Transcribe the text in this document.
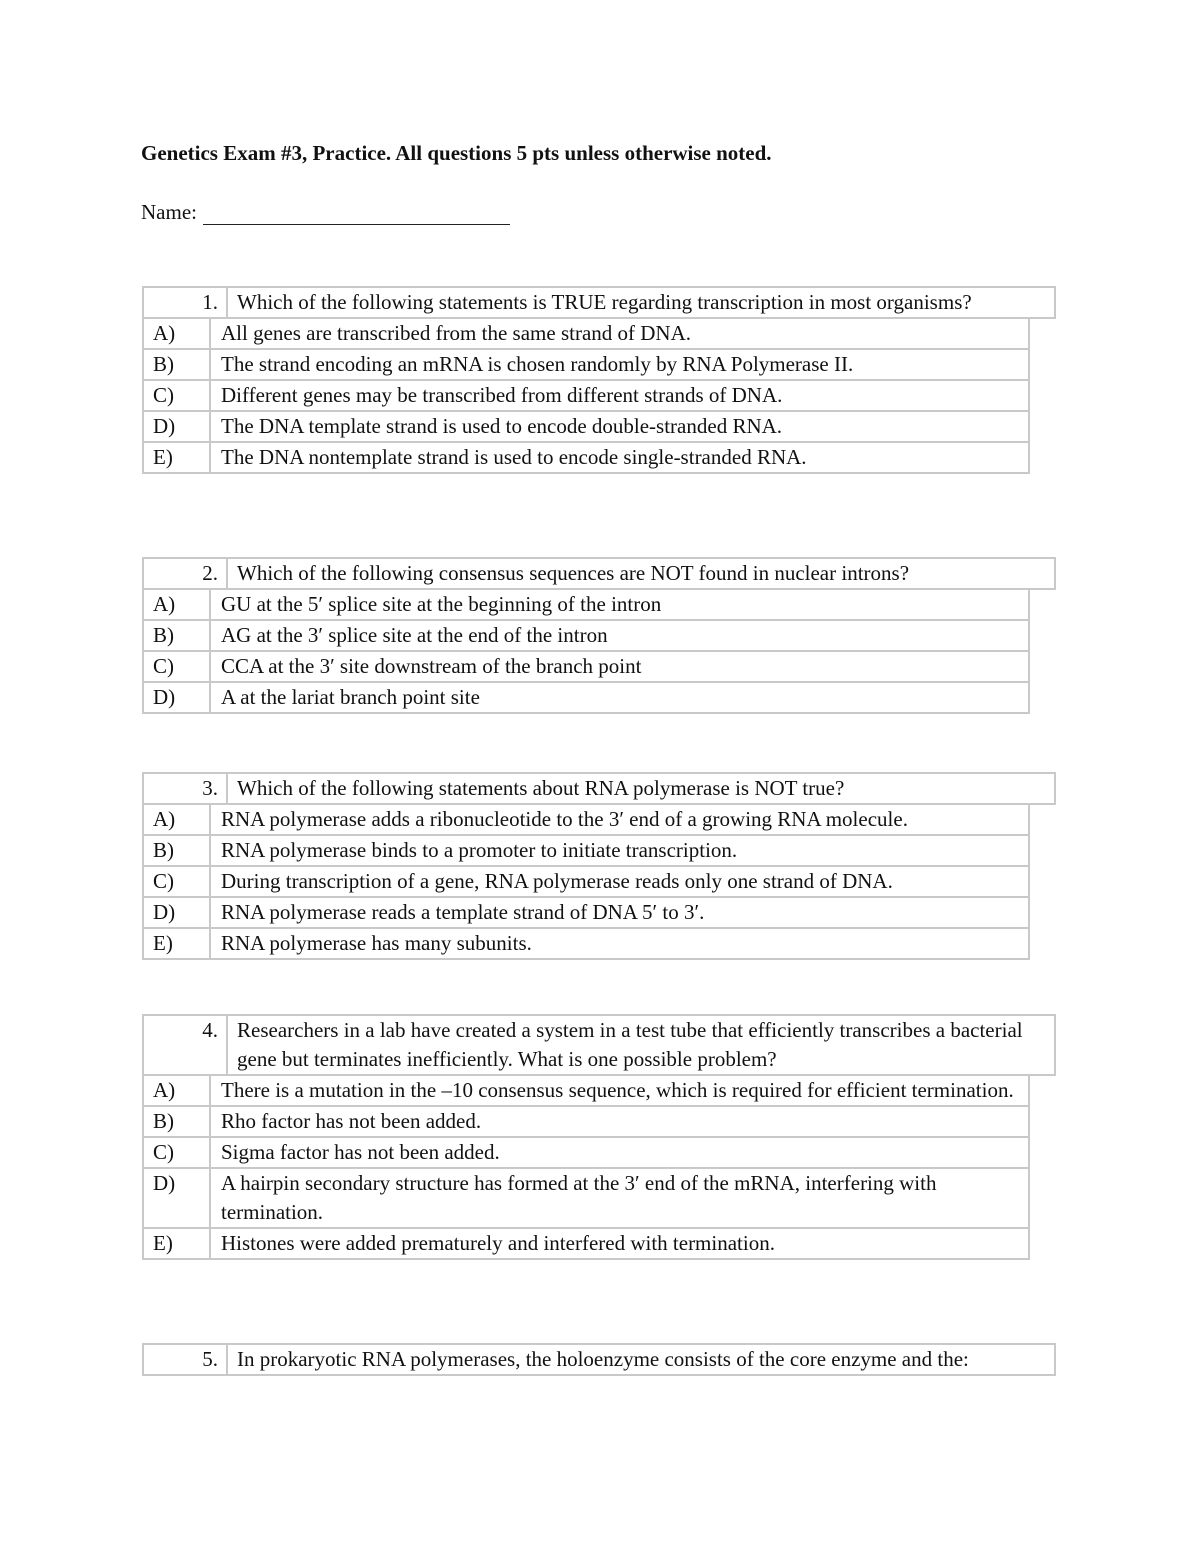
Genetics Exam #3, Practice. All questions 5 pts unless otherwise noted.
Name:
1. Which of the following statements is TRUE regarding transcription in most organisms?
A)	All genes are transcribed from the same strand of DNA.
B)	The strand encoding an mRNA is chosen randomly by RNA Polymerase II.
C)	Different genes may be transcribed from different strands of DNA.
D)	The DNA template strand is used to encode double-stranded RNA.
E)	The DNA nontemplate strand is used to encode single-stranded RNA.
2. Which of the following consensus sequences are NOT found in nuclear introns?
A)	GU at the 5′ splice site at the beginning of the intron
B)	AG at the 3′ splice site at the end of the intron
C)	CCA at the 3′ site downstream of the branch point
D)	A at the lariat branch point site
3. Which of the following statements about RNA polymerase is NOT true?
A)	RNA polymerase adds a ribonucleotide to the 3′ end of a growing RNA molecule.
B)	RNA polymerase binds to a promoter to initiate transcription.
C)	During transcription of a gene, RNA polymerase reads only one strand of DNA.
D)	RNA polymerase reads a template strand of DNA 5′ to 3′.
E)	RNA polymerase has many subunits.
4. Researchers in a lab have created a system in a test tube that efficiently transcribes a bacterial gene but terminates inefficiently. What is one possible problem?
A)	There is a mutation in the –10 consensus sequence, which is required for efficient termination.
B)	Rho factor has not been added.
C)	Sigma factor has not been added.
D)	A hairpin secondary structure has formed at the 3′ end of the mRNA, interfering with termination.
E)	Histones were added prematurely and interfered with termination.
5. In prokaryotic RNA polymerases, the holoenzyme consists of the core enzyme and the:
